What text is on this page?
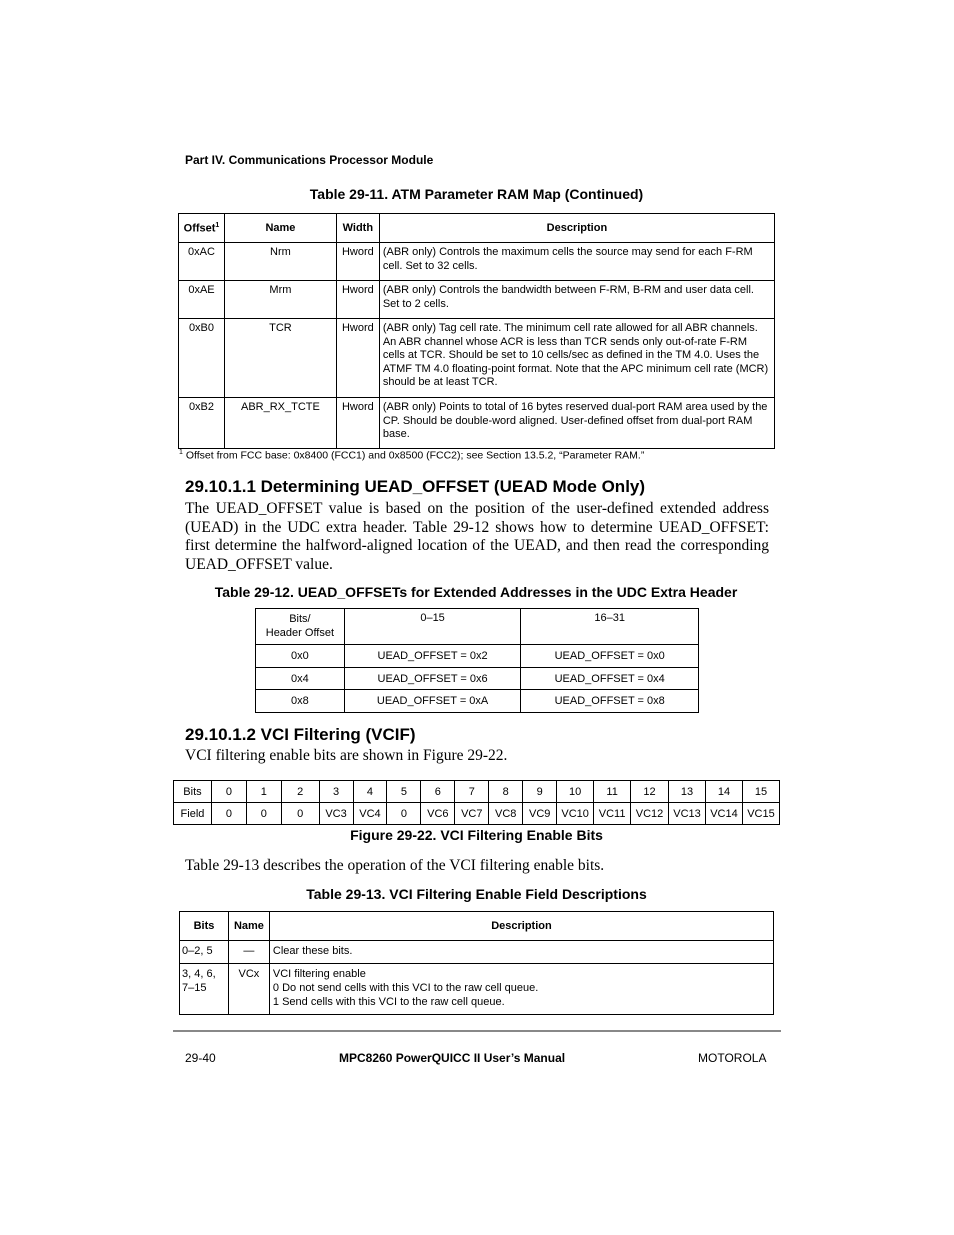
Part IV. Communications Processor Module
Table 29-11. ATM Parameter RAM Map (Continued)
Offset$^1$	Name	Width	Description
0xAC	Nrm	Hword	(ABR only) Controls the maximum cells the source may send for each F-RM cell. Set to 32 cells.
0xAE	Mrm	Hword	(ABR only) Controls the bandwidth between F-RM, B-RM and user data cell. Set to 2 cells.
0xB0	TCR	Hword	(ABR only) Tag cell rate. The minimum cell rate allowed for all ABR channels. An ABR channel whose ACR is less than TCR sends only out-of-rate F-RM cells at TCR. Should be set to 10 cells/sec as defined in the TM 4.0. Uses the ATMF TM 4.0 floating-point format. Note that the APC minimum cell rate (MCR) should be at least TCR.
0xB2	ABR_RX_TCTE	Hword	(ABR only) Points to total of 16 bytes reserved dual-port RAM area used by the CP. Should be double-word aligned. User-defined offset from dual-port RAM base.
$^1$ Offset from FCC base: 0x8400 (FCC1) and 0x8500 (FCC2); see Section 13.5.2, “Parameter RAM.”
29.10.1.1 Determining UEAD_OFFSET (UEAD Mode Only)
The UEAD_OFFSET value is based on the position of the user-defined extended address (UEAD) in the UDC extra header. Table 29-12 shows how to determine UEAD_OFFSET: first determine the halfword-aligned location of the UEAD, and then read the corresponding UEAD_OFFSET value.
Table 29-12. UEAD_OFFSETs for Extended Addresses in the UDC Extra Header
Bits/
Header Offset	0–15	16–31
0x0	UEAD_OFFSET = 0x2	UEAD_OFFSET = 0x0
0x4	UEAD_OFFSET = 0x6	UEAD_OFFSET = 0x4
0x8	UEAD_OFFSET = 0xA	UEAD_OFFSET = 0x8
29.10.1.2 VCI Filtering (VCIF)
VCI filtering enable bits are shown in Figure 29-22.
Bits	0	1	2	3	4	5	6	7	8	9	10	11	12	13	14	15
Field	0	0	0	VC3	VC4	0	VC6	VC7	VC8	VC9	VC10	VC11	VC12	VC13	VC14	VC15
Figure 29-22. VCI Filtering Enable Bits
Table 29-13 describes the operation of the VCI filtering enable bits.
Table 29-13. VCI Filtering Enable Field Descriptions
Bits	Name	Description
0–2, 5	—	Clear these bits.

3, 4, 6, 7–15	VCx	VCI filtering enable
0 Do not send cells with this VCI to the raw cell queue.
1 Send cells with this VCI to the raw cell queue.
29-40	MPC8260 PowerQUICC II User’s Manual	MOTOROLA
